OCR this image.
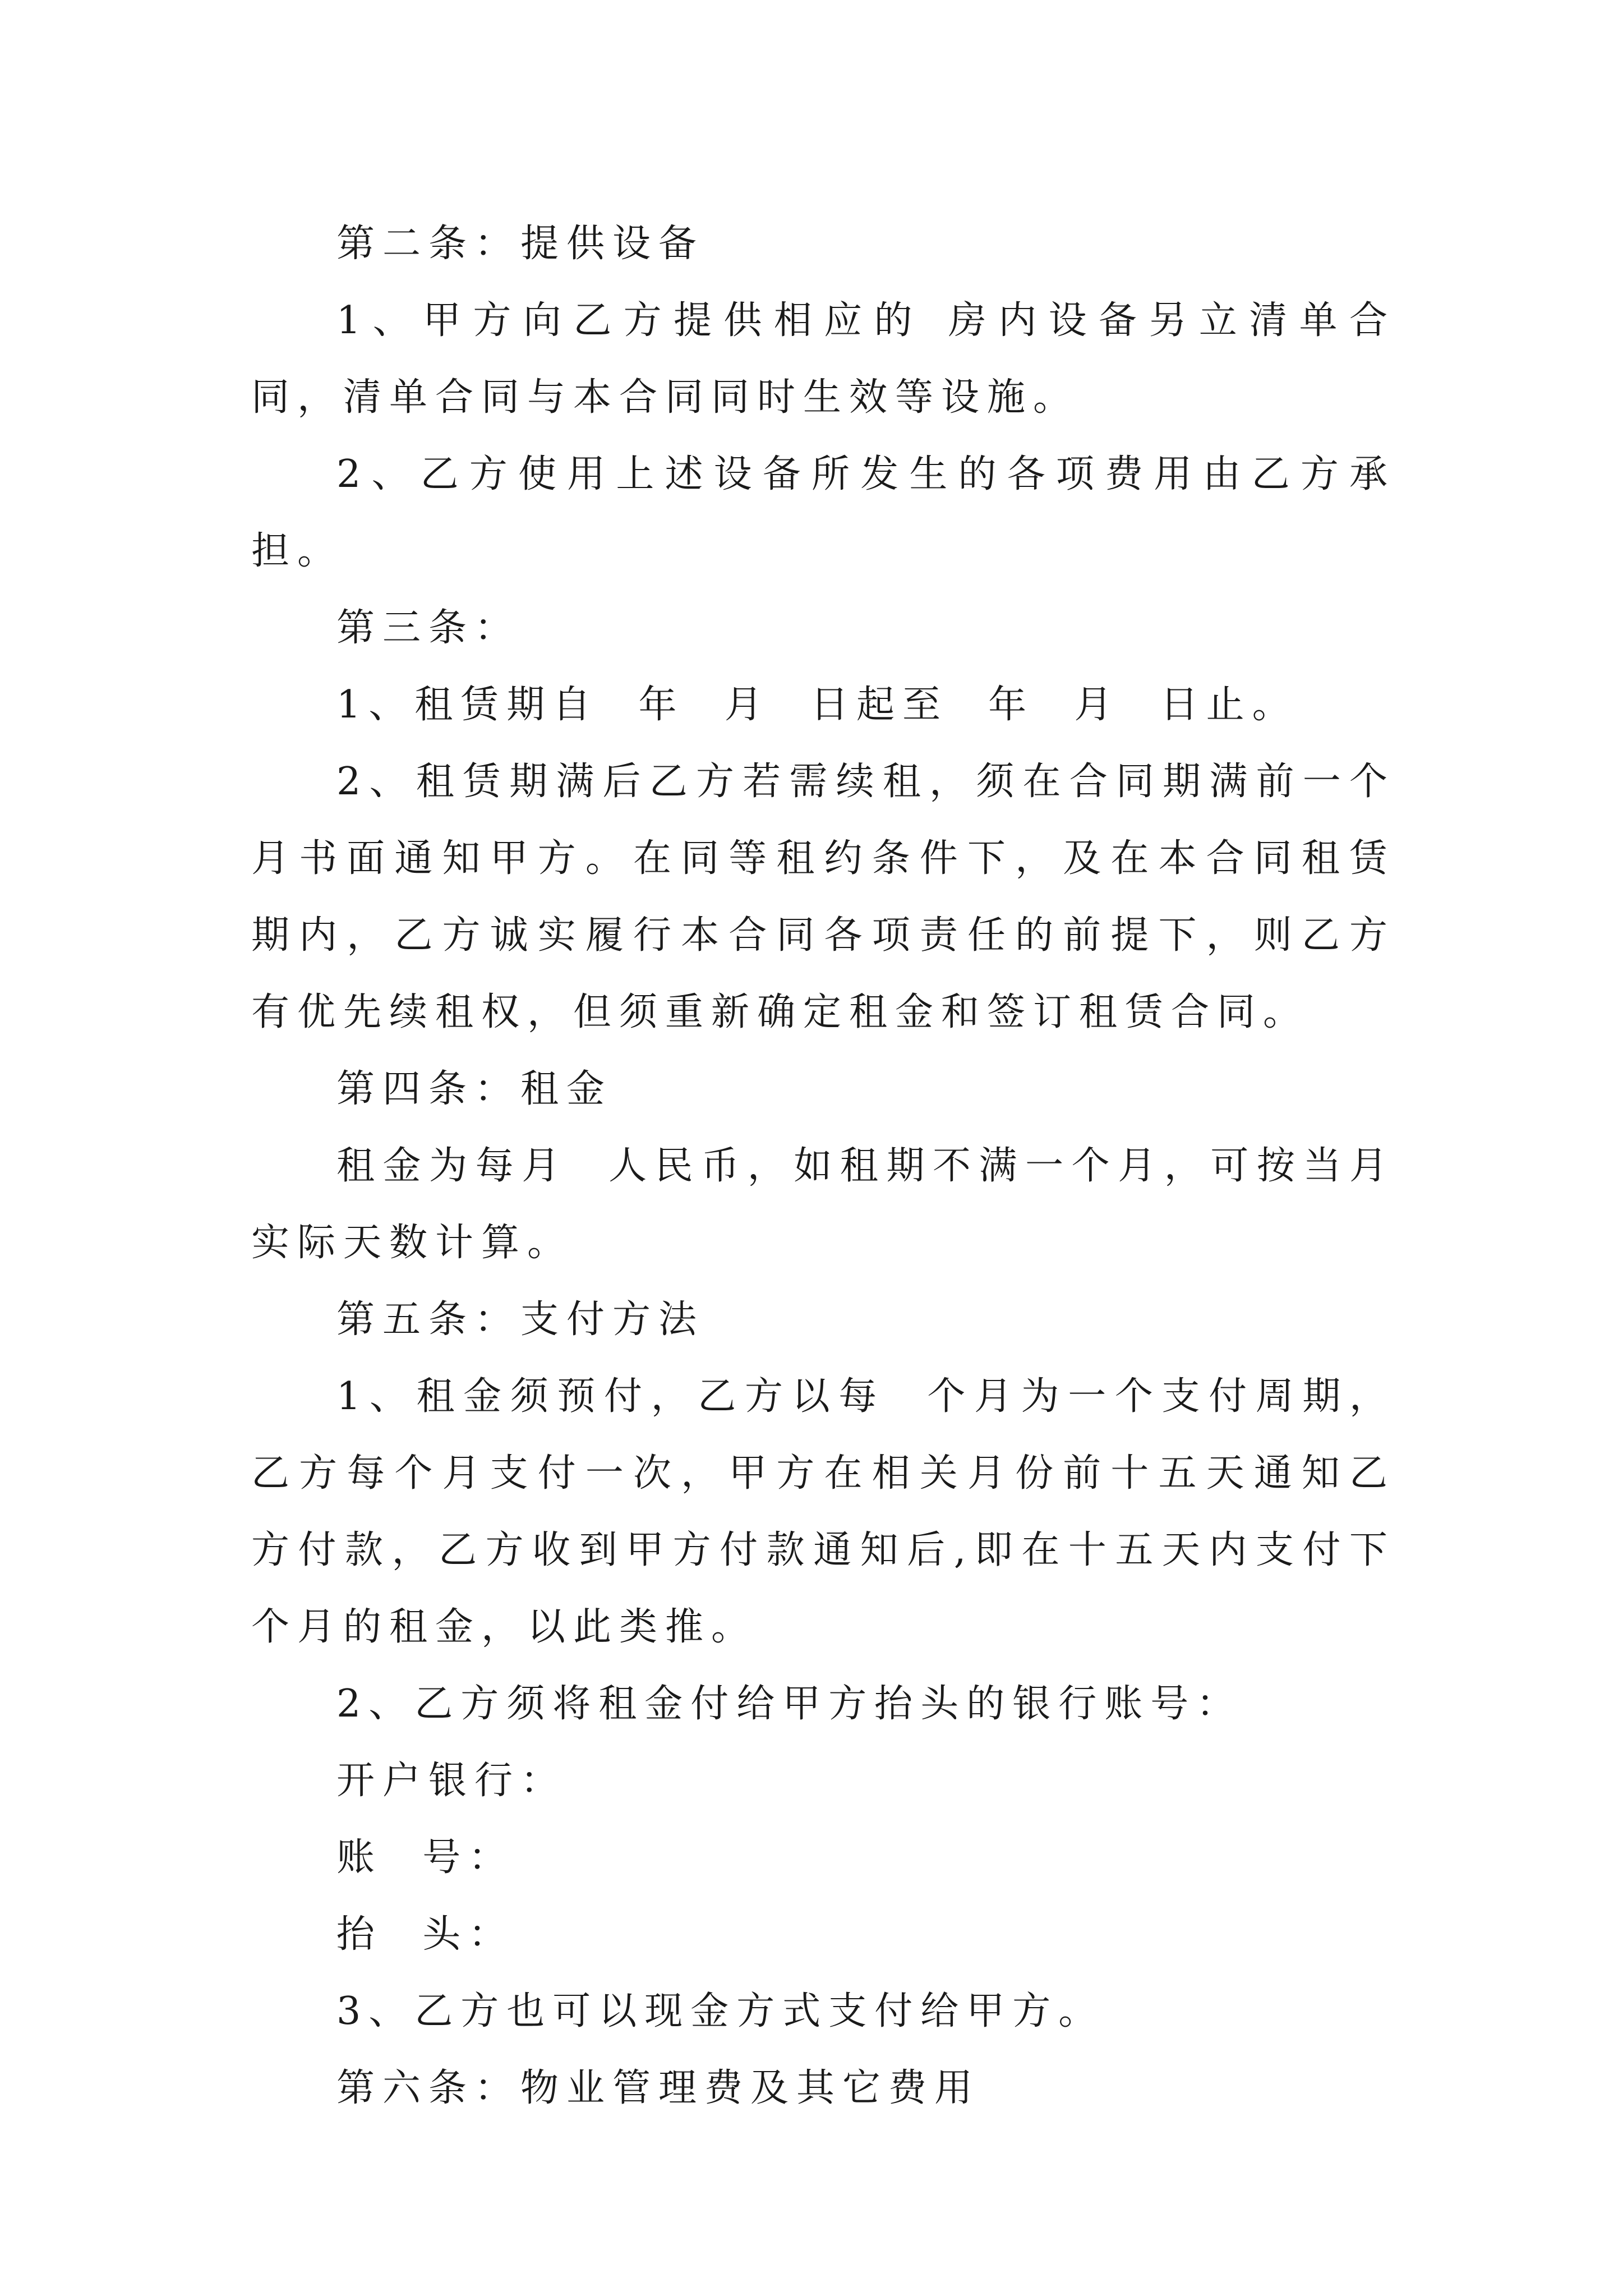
第二条：提供设备

1、甲方向乙方提供相应的 房内设备另立清单合同，清单合同与本合同同时生效等设施。

2、乙方使用上述设备所发生的各项费用由乙方承担。

第三条：

1、租赁期自  年  月  日起至  年  月  日止。

2、租赁期满后乙方若需续租，须在合同期满前一个月书面通知甲方。在同等租约条件下，及在本合同租赁期内，乙方诚实履行本合同各项责任的前提下，则乙方有优先续租权，但须重新确定租金和签订租赁合同。

第四条：租金

租金为每月  人民币，如租期不满一个月，可按当月实际天数计算。

第五条：支付方法

1、租金须预付，乙方以每  个月为一个支付周期，乙方每个月支付一次，甲方在相关月份前十五天通知乙方付款，乙方收到甲方付款通知后,即在十五天内支付下个月的租金，以此类推。

2、乙方须将租金付给甲方抬头的银行账号：

开户银行：

账  号：

抬  头：

3、乙方也可以现金方式支付给甲方。

第六条：物业管理费及其它费用
